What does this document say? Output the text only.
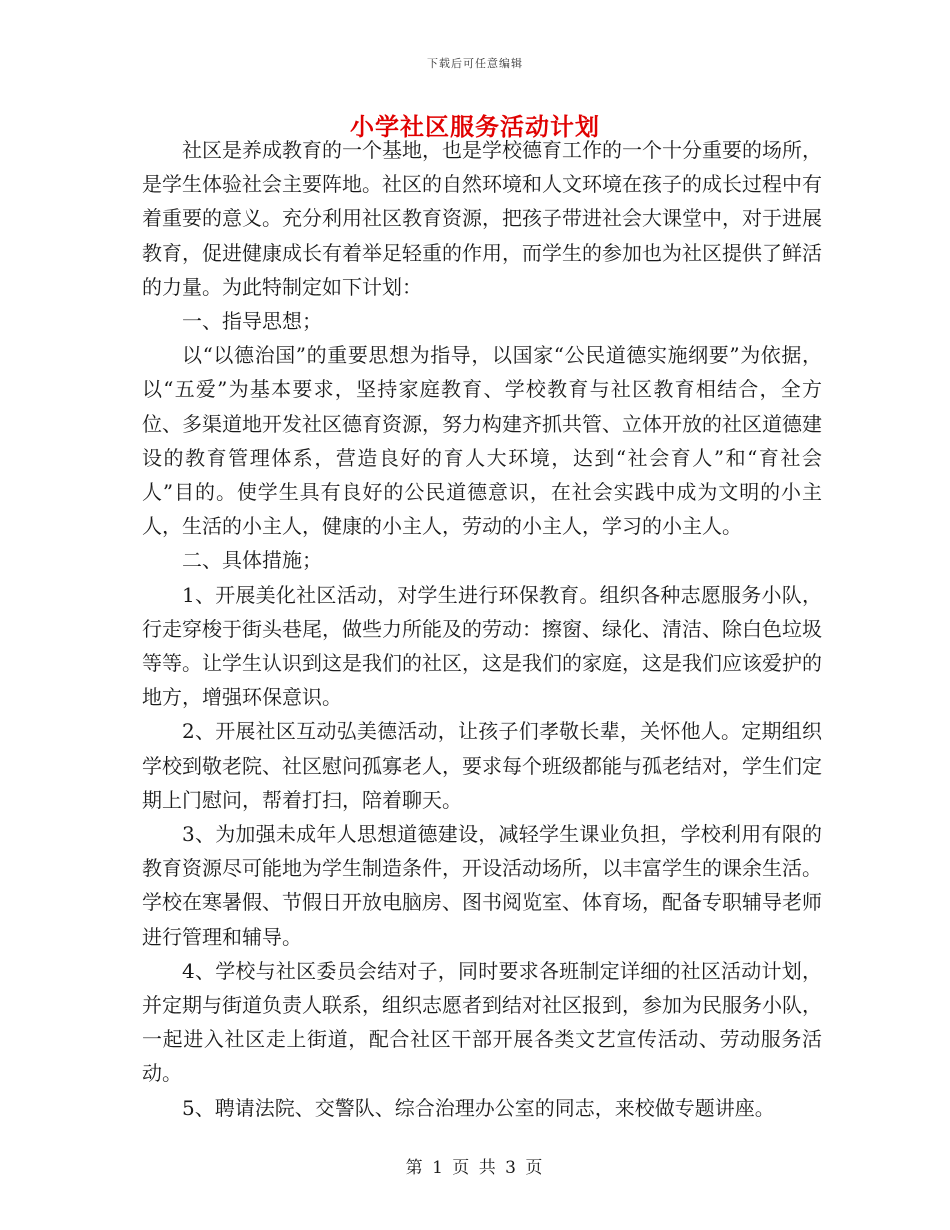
下载后可任意编辑
小学社区服务活动计划

社区是养成教育的一个基地，也是学校德育工作的一个十分重要的场所，是学生体验社会主要阵地。社区的自然环境和人文环境在孩子的成长过程中有着重要的意义。充分利用社区教育资源，把孩子带进社会大课堂中，对于进展教育，促进健康成长有着举足轻重的作用，而学生的参加也为社区提供了鲜活的力量。为此特制定如下计划：

一、指导思想；

以“以德治国”的重要思想为指导，以国家“公民道德实施纲要”为依据，以“五爱”为基本要求，坚持家庭教育、学校教育与社区教育相结合，全方位、多渠道地开发社区德育资源，努力构建齐抓共管、立体开放的社区道德建设的教育管理体系，营造良好的育人大环境，达到“社会育人”和“育社会人”目的。使学生具有良好的公民道德意识，在社会实践中成为文明的小主人，生活的小主人，健康的小主人，劳动的小主人，学习的小主人。

二、具体措施；

1、开展美化社区活动，对学生进行环保教育。组织各种志愿服务小队，行走穿梭于街头巷尾，做些力所能及的劳动：擦窗、绿化、清洁、除白色垃圾等等。让学生认识到这是我们的社区，这是我们的家庭，这是我们应该爱护的地方，增强环保意识。

2、开展社区互动弘美德活动，让孩子们孝敬长辈，关怀他人。定期组织学校到敬老院、社区慰问孤寡老人，要求每个班级都能与孤老结对，学生们定期上门慰问，帮着打扫，陪着聊天。

3、为加强未成年人思想道德建设，减轻学生课业负担，学校利用有限的教育资源尽可能地为学生制造条件，开设活动场所，以丰富学生的课余生活。学校在寒暑假、节假日开放电脑房、图书阅览室、体育场，配备专职辅导老师进行管理和辅导。

4、学校与社区委员会结对子，同时要求各班制定详细的社区活动计划，并定期与街道负责人联系，组织志愿者到结对社区报到，参加为民服务小队，一起进入社区走上街道，配合社区干部开展各类文艺宣传活动、劳动服务活动。

5、聘请法院、交警队、综合治理办公室的同志，来校做专题讲座。

第 1 页 共 3 页
